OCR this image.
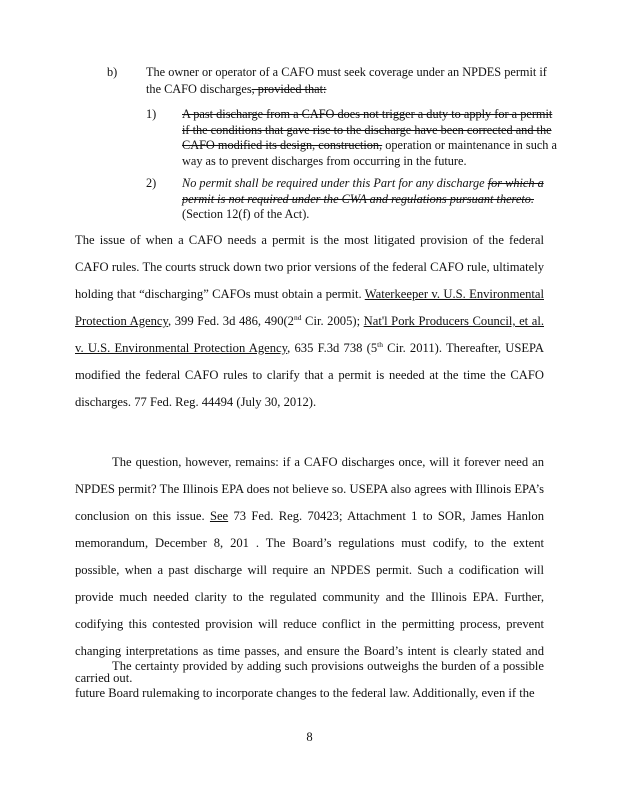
b) The owner or operator of a CAFO must seek coverage under an NPDES permit if the CAFO discharges, provided that:
1) A past discharge from a CAFO does not trigger a duty to apply for a permit if the conditions that gave rise to the discharge have been corrected and the CAFO modified its design, construction, operation or maintenance in such a way as to prevent discharges from occurring in the future.
2) No permit shall be required under this Part for any discharge for which a permit is not required under the CWA and regulations pursuant thereto. (Section 12(f) of the Act).

The issue of when a CAFO needs a permit is the most litigated provision of the federal CAFO rules. The courts struck down two prior versions of the federal CAFO rule, ultimately holding that “discharging” CAFOs must obtain a permit. Waterkeeper v. U.S. Environmental Protection Agency, 399 Fed. 3d 486, 490(2nd Cir. 2005); Nat'l Pork Producers Council, et al. v. U.S. Environmental Protection Agency, 635 F.3d 738 (5th Cir. 2011). Thereafter, USEPA modified the federal CAFO rules to clarify that a permit is needed at the time the CAFO discharges. 77 Fed. Reg. 44494 (July 30, 2012).

The question, however, remains: if a CAFO discharges once, will it forever need an NPDES permit? The Illinois EPA does not believe so. USEPA also agrees with Illinois EPA’s conclusion on this issue. See 73 Fed. Reg. 70423; Attachment 1 to SOR, James Hanlon memorandum, December 8, 201 . The Board’s regulations must codify, to the extent possible, when a past discharge will require an NPDES permit. Such a codification will provide much needed clarity to the regulated community and the Illinois EPA. Further, codifying this contested provision will reduce conflict in the permitting process, prevent changing interpretations as time passes, and ensure the Board’s intent is clearly stated and carried out.

The certainty provided by adding such provisions outweighs the burden of a possible future Board rulemaking to incorporate changes to the federal law. Additionally, even if the

8
